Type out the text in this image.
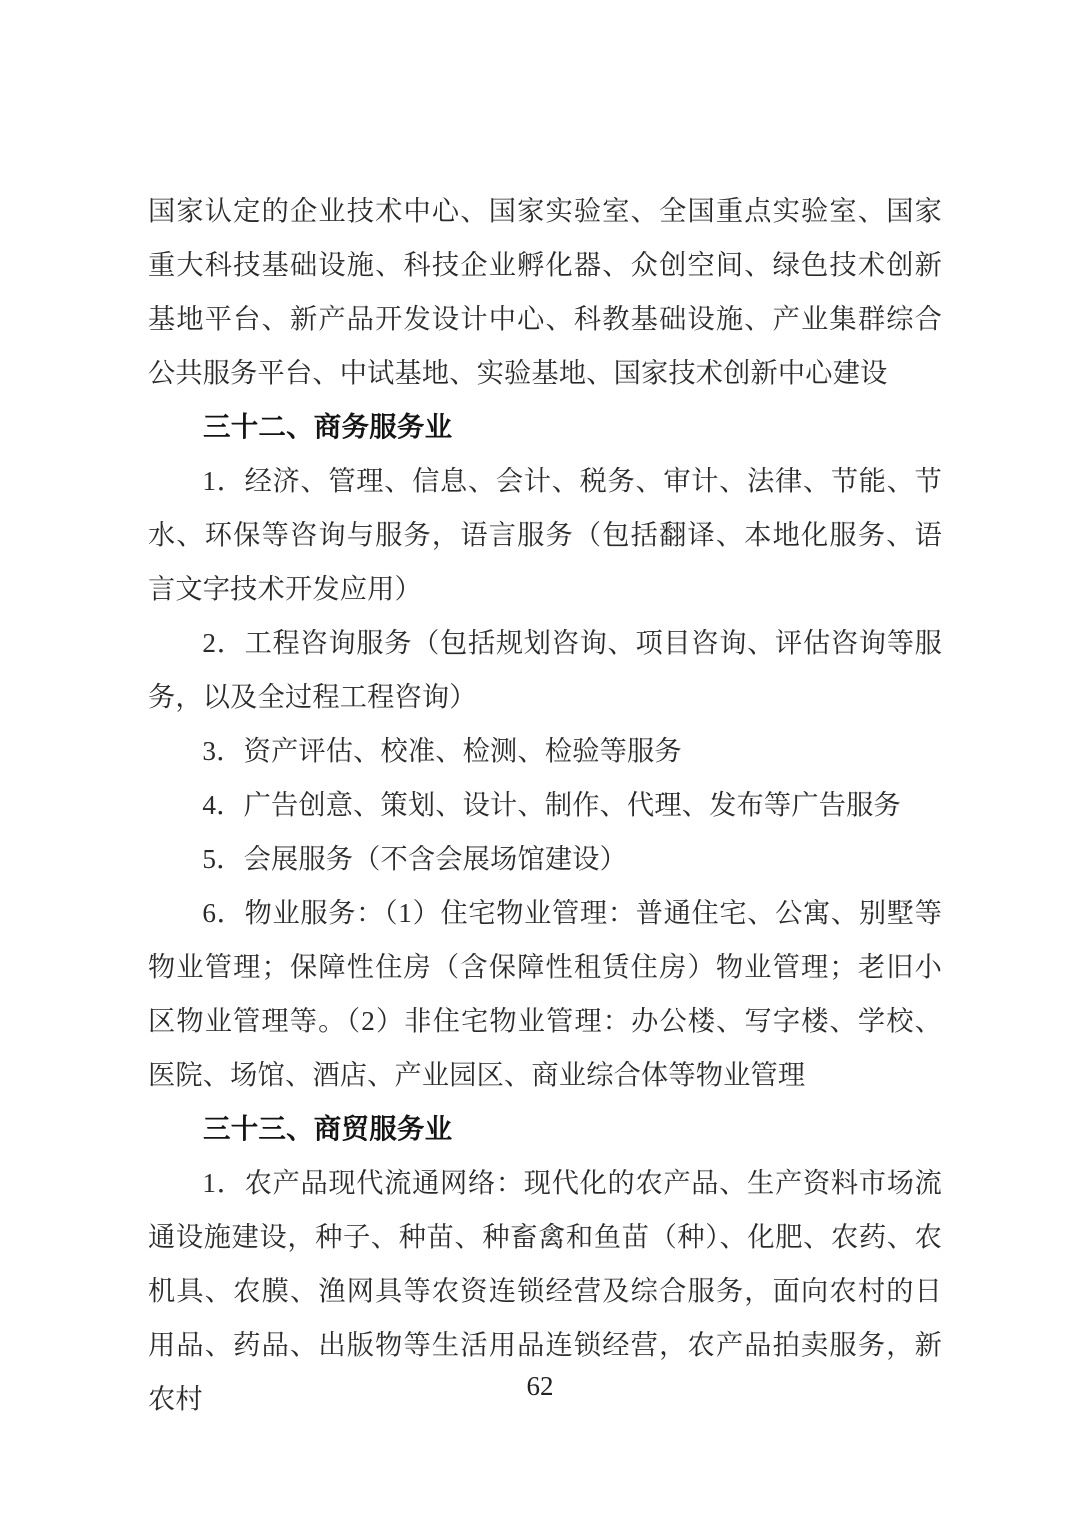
国家认定的企业技术中心、国家实验室、全国重点实验室、国家重大科技基础设施、科技企业孵化器、众创空间、绿色技术创新基地平台、新产品开发设计中心、科教基础设施、产业集群综合公共服务平台、中试基地、实验基地、国家技术创新中心建设

三十二、商务服务业

1．经济、管理、信息、会计、税务、审计、法律、节能、节水、环保等咨询与服务，语言服务（包括翻译、本地化服务、语言文字技术开发应用）

2．工程咨询服务（包括规划咨询、项目咨询、评估咨询等服务，以及全过程工程咨询）

3．资产评估、校准、检测、检验等服务

4．广告创意、策划、设计、制作、代理、发布等广告服务

5．会展服务（不含会展场馆建设）

6．物业服务：（1）住宅物业管理：普通住宅、公寓、别墅等物业管理；保障性住房（含保障性租赁住房）物业管理；老旧小区物业管理等。（2）非住宅物业管理：办公楼、写字楼、学校、医院、场馆、酒店、产业园区、商业综合体等物业管理

三十三、商贸服务业

1．农产品现代流通网络：现代化的农产品、生产资料市场流通设施建设，种子、种苗、种畜禽和鱼苗（种）、化肥、农药、农机具、农膜、渔网具等农资连锁经营及综合服务，面向农村的日用品、药品、出版物等生活用品连锁经营，农产品拍卖服务，新农村	62
